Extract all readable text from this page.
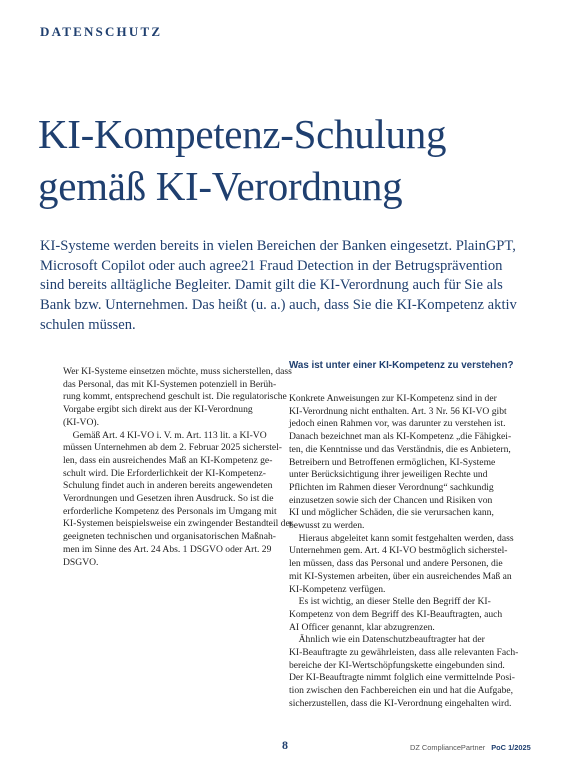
DATENSCHUTZ
KI-Kompetenz-Schulung
gemäß KI-Verordnung
KI-Systeme werden bereits in vielen Bereichen der Banken eingesetzt. PlainGPT,
Microsoft Copilot oder auch agree21 Fraud Detection in der Betrugsprävention
sind bereits alltägliche Begleiter. Damit gilt die KI-Verordnung auch für Sie als
Bank bzw. Unternehmen. Das heißt (u. a.) auch, dass Sie die KI-Kompetenz aktiv
schulen müssen.
Wer KI-Systeme einsetzen möchte, muss sicherstellen, dass
das Personal, das mit KI-Systemen potenziell in Berüh-
rung kommt, entsprechend geschult ist. Die regulatorische
Vorgabe ergibt sich direkt aus der KI-Verordnung
(KI-VO).
Gemäß Art. 4 KI-VO i. V. m. Art. 113 lit. a KI-VO
müssen Unternehmen ab dem 2. Februar 2025 sicherstel-
len, dass ein ausreichendes Maß an KI-Kompetenz ge-
schult wird. Die Erforderlichkeit der KI-Kompetenz-
Schulung findet auch in anderen bereits angewendeten
Verordnungen und Gesetzen ihren Ausdruck. So ist die
erforderliche Kompetenz des Personals im Umgang mit
KI-Systemen beispielsweise ein zwingender Bestandteil der
geeigneten technischen und organisatorischen Maßnah-
men im Sinne des Art. 24 Abs. 1 DSGVO oder Art. 29
DSGVO.
Was ist unter einer KI-Kompetenz zu verstehen?
Konkrete Anweisungen zur KI-Kompetenz sind in der
KI-Verordnung nicht enthalten. Art. 3 Nr. 56 KI-VO gibt
jedoch einen Rahmen vor, was darunter zu verstehen ist.
Danach bezeichnet man als KI-Kompetenz „die Fähigkei-
ten, die Kenntnisse und das Verständnis, die es Anbietern,
Betreibern und Betroffenen ermöglichen, KI-Systeme
unter Berücksichtigung ihrer jeweiligen Rechte und
Pflichten im Rahmen dieser Verordnung“ sachkundig
einzusetzen sowie sich der Chancen und Risiken von
KI und möglicher Schäden, die sie verursachen kann,
bewusst zu werden.
Hieraus abgeleitet kann somit festgehalten werden, dass
Unternehmen gem. Art. 4 KI-VO bestmöglich sicherstel-
len müssen, dass das Personal und andere Personen, die
mit KI-Systemen arbeiten, über ein ausreichendes Maß an
KI-Kompetenz verfügen.
Es ist wichtig, an dieser Stelle den Begriff der KI-
Kompetenz von dem Begriff des KI-Beauftragten, auch
AI Officer genannt, klar abzugrenzen.
Ähnlich wie ein Datenschutzbeauftragter hat der
KI-Beauftragte zu gewährleisten, dass alle relevanten Fach-
bereiche der KI-Wertschöpfungskette eingebunden sind.
Der KI-Beauftragte nimmt folglich eine vermittelnde Posi-
tion zwischen den Fachbereichen ein und hat die Aufgabe,
sicherzustellen, dass die KI-Verordnung eingehalten wird.
8	DZ CompliancePartner PoC 1/2025
